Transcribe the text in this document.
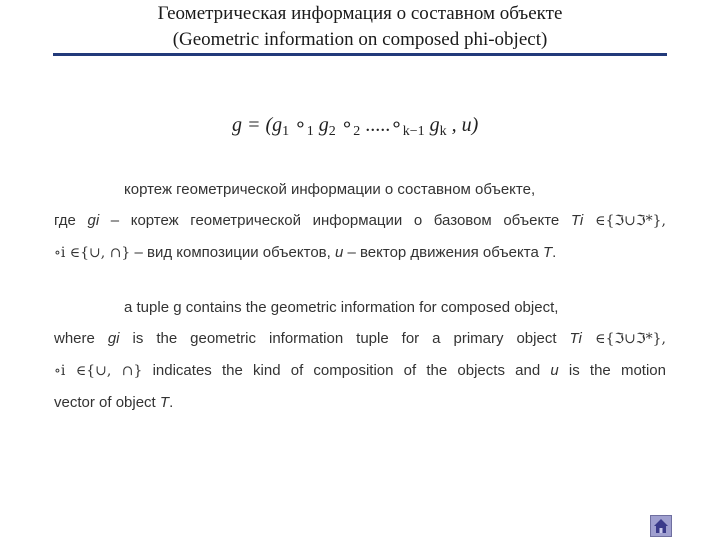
Геометрическая информация о составном объекте
(Geometric information on composed phi-object)
$g = (g_1$ $\circ_1$ $g_2$ $\circ_2$ $.....\circ_{k-1}$ $g_k$ , u)
кортеж геометрической информации о составном объекте,
где gi – кортеж геометрической информации о базовом объекте Ti ∈{ℑ∪ℑ*},
∘i ∈{∪, ∩} – вид композиции объектов, u – вектор движения объекта T.
a tuple g contains the geometric information for composed object,
where gi is the geometric information tuple for a primary object Ti ∈{ℑ∪ℑ*},
∘i ∈{∪, ∩} indicates the kind of composition of the objects and u is the motion
vector of object T.
